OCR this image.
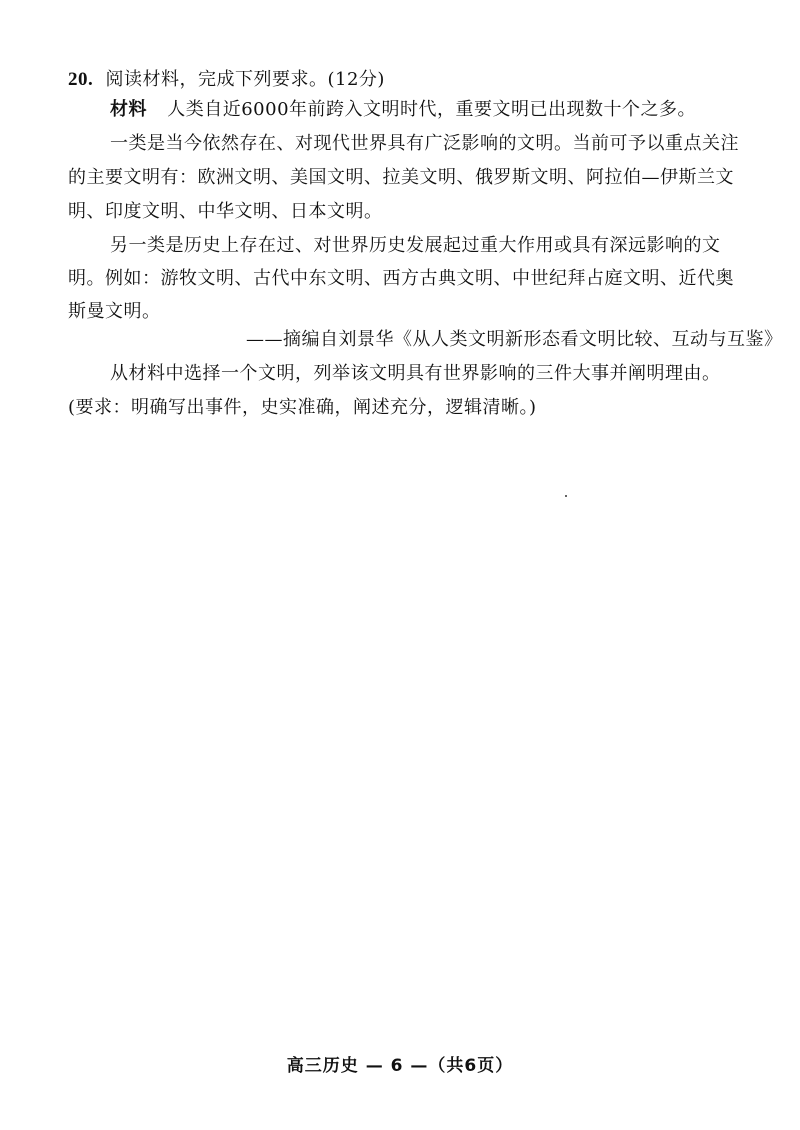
20. 阅读材料，完成下列要求。(12分)
材料 人类自近6000年前跨入文明时代，重要文明已出现数十个之多。
一类是当今依然存在、对现代世界具有广泛影响的文明。当前可予以重点关注
的主要文明有：欧洲文明、美国文明、拉美文明、俄罗斯文明、阿拉伯—伊斯兰文
明、印度文明、中华文明、日本文明。
另一类是历史上存在过、对世界历史发展起过重大作用或具有深远影响的文
明。例如：游牧文明、古代中东文明、西方古典文明、中世纪拜占庭文明、近代奥
斯曼文明。
——摘编自刘景华《从人类文明新形态看文明比较、互动与互鉴》
从材料中选择一个文明，列举该文明具有世界影响的三件大事并阐明理由。
(要求：明确写出事件，史实准确，阐述充分，逻辑清晰。)
高三历史 — 6 —（共6页）
